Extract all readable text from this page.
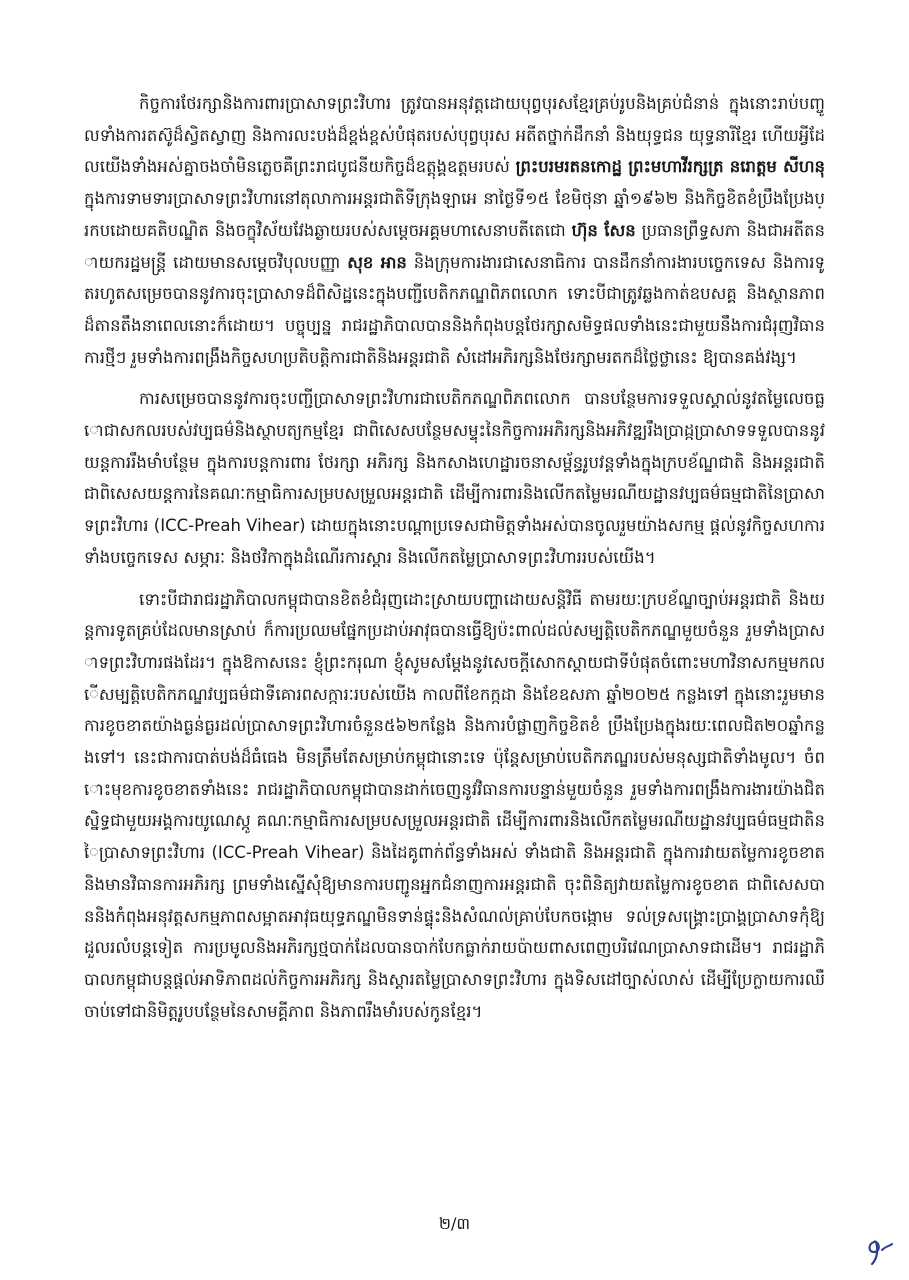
កិច្ចការថែរក្សានិងការពារប្រាសាទព្រះវិហារ ត្រូវបានអនុវត្តដោយបុព្វបុរសខ្មែរគ្រប់រូបនិងគ្រប់ជំនាន់ ក្នុងនោះរាប់បញ្ចូលទាំងការតស៊ូដ៏ស្វិតស្វាញ និងការលះបង់ដ៏ខ្ពង់ខ្ពស់បំផុតរបស់បុព្វបុរស អតីតថ្នាក់ដឹកនាំ និងយុទ្ធជន យុទ្ធនារីខ្មែរ ហើយអ្វីដែលយើងទាំងអស់គ្នាចងចាំមិនភ្លេចគឺព្រះរាជបូជនីយកិច្ចដ៏ឧត្តុង្គឧត្តមរបស់ ព្រះបរមរតនកោដ្ឋ ព្រះមហាវីរក្សត្រ នរោត្តម សីហនុ ក្នុងការទាមទារប្រាសាទព្រះវិហារនៅតុលាការអន្តរជាតិទីក្រុងឡាអេ នាថ្ងៃទី១៥ ខែមិថុនា ឆ្នាំ១៩៦២ និងកិច្ចខិតខំប្រឹងប្រែងប្រកបដោយគតិបណ្ឌិត និងចក្ខុវិស័យវែងឆ្ងាយរបស់សម្ដេចអគ្គមហាសេនាបតីតេជោ ហ៊ុន សែន ប្រធានព្រឹទ្ធសភា និងជាអតីតនាយករដ្ឋមន្ត្រី ដោយមានសម្ដេចវិបុលបញ្ញា សុខ អាន និងក្រុមការងារជាសេនាធិការ បានដឹកនាំការងារបច្ចេកទេស និងការទូតរហូតសម្រេចបាននូវការចុះប្រាសាទដ៏ពិសិដ្ឋនេះក្នុងបញ្ជីបេតិកភណ្ឌពិភពលោក ទោះបីជាត្រូវឆ្លងកាត់ឧបសគ្គ និងស្ថានភាពដ៏តានតឹងនាពេលនោះក៏ដោយ។ បច្ចុប្បន្ន រាជរដ្ឋាភិបាលបាននិងកំពុងបន្តថែរក្សាសមិទ្ធផលទាំងនេះជាមួយនឹងការជំរុញវិធានការថ្មីៗ រួមទាំងការពង្រឹងកិច្ចសហប្រតិបត្តិការជាតិនិងអន្តរជាតិ សំដៅអភិរក្សនិងថែរក្សាមរតកដ៏ថ្លៃថ្លានេះ ឱ្យបានគង់វង្ស។

ការសម្រេចបាននូវការចុះបញ្ជីប្រាសាទព្រះវិហារជាបេតិកភណ្ឌពិភពលោក បានបន្ថែមការទទួលស្គាល់នូវតម្លៃលេចធ្លោជាសកលរបស់វប្បធម៌និងស្ថាបត្យកម្មខ្មែរ ជាពិសេសបន្ថែមសម្ទុះនៃកិច្ចការអភិរក្សនិងអភិវឌ្ឍរឹងប្រាដ្កប្រាសាទទទួលបាននូវយន្តការរឹងមាំបន្ថែម ក្នុងការបន្តការពារ ថែរក្សា អភិរក្ស និងកសាងហេដ្ឋារចនាសម្ព័ន្ធរូបវន្តទាំងក្នុងក្របខ័ណ្ឌជាតិ និងអន្តរជាតិ ជាពិសេសយន្តការនៃគណៈកម្មាធិការសម្របសម្រួលអន្តរជាតិ ដើម្បីការពារនិងលើកតម្លៃមរណីយដ្ឋានវប្បធម៌ធម្មជាតិនៃប្រាសាទព្រះវិហារ (ICC-Preah Vihear) ដោយក្នុងនោះបណ្ដាប្រទេសជាមិត្តទាំងអស់បានចូលរួមយ៉ាងសកម្ម ផ្ដល់នូវកិច្ចសហការទាំងបច្ចេកទេស សម្ភារៈ និងថវិកាក្នុងដំណើរការស្ដារ និងលើកតម្លៃប្រាសាទព្រះវិហាររបស់យើង។

ទោះបីជារាជរដ្ឋាភិបាលកម្ពុជាបានខិតខំជំរុញដោះស្រាយបញ្ហាដោយសន្តិវិធី តាមរយៈក្របខ័ណ្ឌច្បាប់អន្តរជាតិ និងយន្តការទូតគ្រប់ដែលមានស្រាប់ ក៏ការប្រឈមផ្នែកប្រដាប់អាវុធបានធ្វើឱ្យប៉ះពាល់ដល់សម្បត្តិបេតិកភណ្ឌមួយចំនួន រួមទាំងប្រាសាទព្រះវិហារផងដែរ។ ក្នុងឱកាសនេះ ខ្ញុំព្រះករុណា ខ្ញុំសូមសម្ដែងនូវសេចក្ដីសោកស្ដាយជាទីបំផុតចំពោះមហាវិនាសកម្មមកលើសម្បត្តិបេតិកភណ្ឌវប្បធម៌ជាទីគោរពសក្ការៈរបស់យើង កាលពីខែកក្កដា និងខែឧសភា ឆ្នាំ២០២៥ កន្លងទៅ ក្នុងនោះរួមមានការខូចខាតយ៉ាងធ្ងន់ធ្ងរដល់ប្រាសាទព្រះវិហារចំនួន៥៦២កន្លែង និងការបំផ្លាញកិច្ចខិតខំ ប្រឹងប្រែងក្នុងរយៈពេលជិត២០ឆ្នាំកន្លងទៅ។ នេះជាការបាត់បង់ដ៏ធំធេង មិនត្រឹមតែសម្រាប់កម្ពុជានោះទេ ប៉ុន្តែសម្រាប់បេតិកភណ្ឌរបស់មនុស្សជាតិទាំងមូល។ ចំពោះមុខការខូចខាតទាំងនេះ រាជរដ្ឋាភិបាលកម្ពុជាបានដាក់ចេញនូវវិធានការបន្ទាន់មួយចំនួន រួមទាំងការពង្រឹងការងារយ៉ាងជិតស្និទ្ធជាមួយអង្គការយូណេស្កូ គណៈកម្មាធិការសម្របសម្រួលអន្តរជាតិ ដើម្បីការពារនិងលើកតម្លៃមរណីយដ្ឋានវប្បធម៌ធម្មជាតិនៃប្រាសាទព្រះវិហារ (ICC-Preah Vihear) និងដៃគូពាក់ព័ន្ធទាំងអស់ ទាំងជាតិ និងអន្តរជាតិ ក្នុងការវាយតម្លៃការខូចខាត និងមានវិធានការអភិរក្ស ព្រមទាំងស្នើសុំឱ្យមានការបញ្ជូនអ្នកជំនាញការអន្តរជាតិ ចុះពិនិត្យវាយតម្លៃការខូចខាត ជាពិសេសបាននិងកំពុងអនុវត្តសកម្មភាពសម្អាតអាវុធយុទ្ធភណ្ឌមិនទាន់ផ្ទុះនិងសំណល់គ្រាប់បែកចង្កោម ទល់ទ្រសង្គ្រោះប្រាង្គប្រាសាទកុំឱ្យដួលរលំបន្តទៀត ការប្រមូលនិងអភិរក្សថ្មបាក់ដែលបានបាក់បែកធ្លាក់រាយប៉ាយពាសពេញបរិវេណប្រាសាទជាដើម។ រាជរដ្ឋាភិបាលកម្ពុជាបន្តផ្ដល់អាទិភាពដល់កិច្ចការអភិរក្ស និងស្ដារតម្លៃប្រាសាទព្រះវិហារ ក្នុងទិសដៅច្បាស់លាស់ ដើម្បីប្រែក្លាយការឈឺចាប់ទៅជានិមិត្តរូបបន្ថែមនៃសាមគ្គីភាព និងភាពរឹងមាំរបស់កូនខ្មែរ។

២/៣
